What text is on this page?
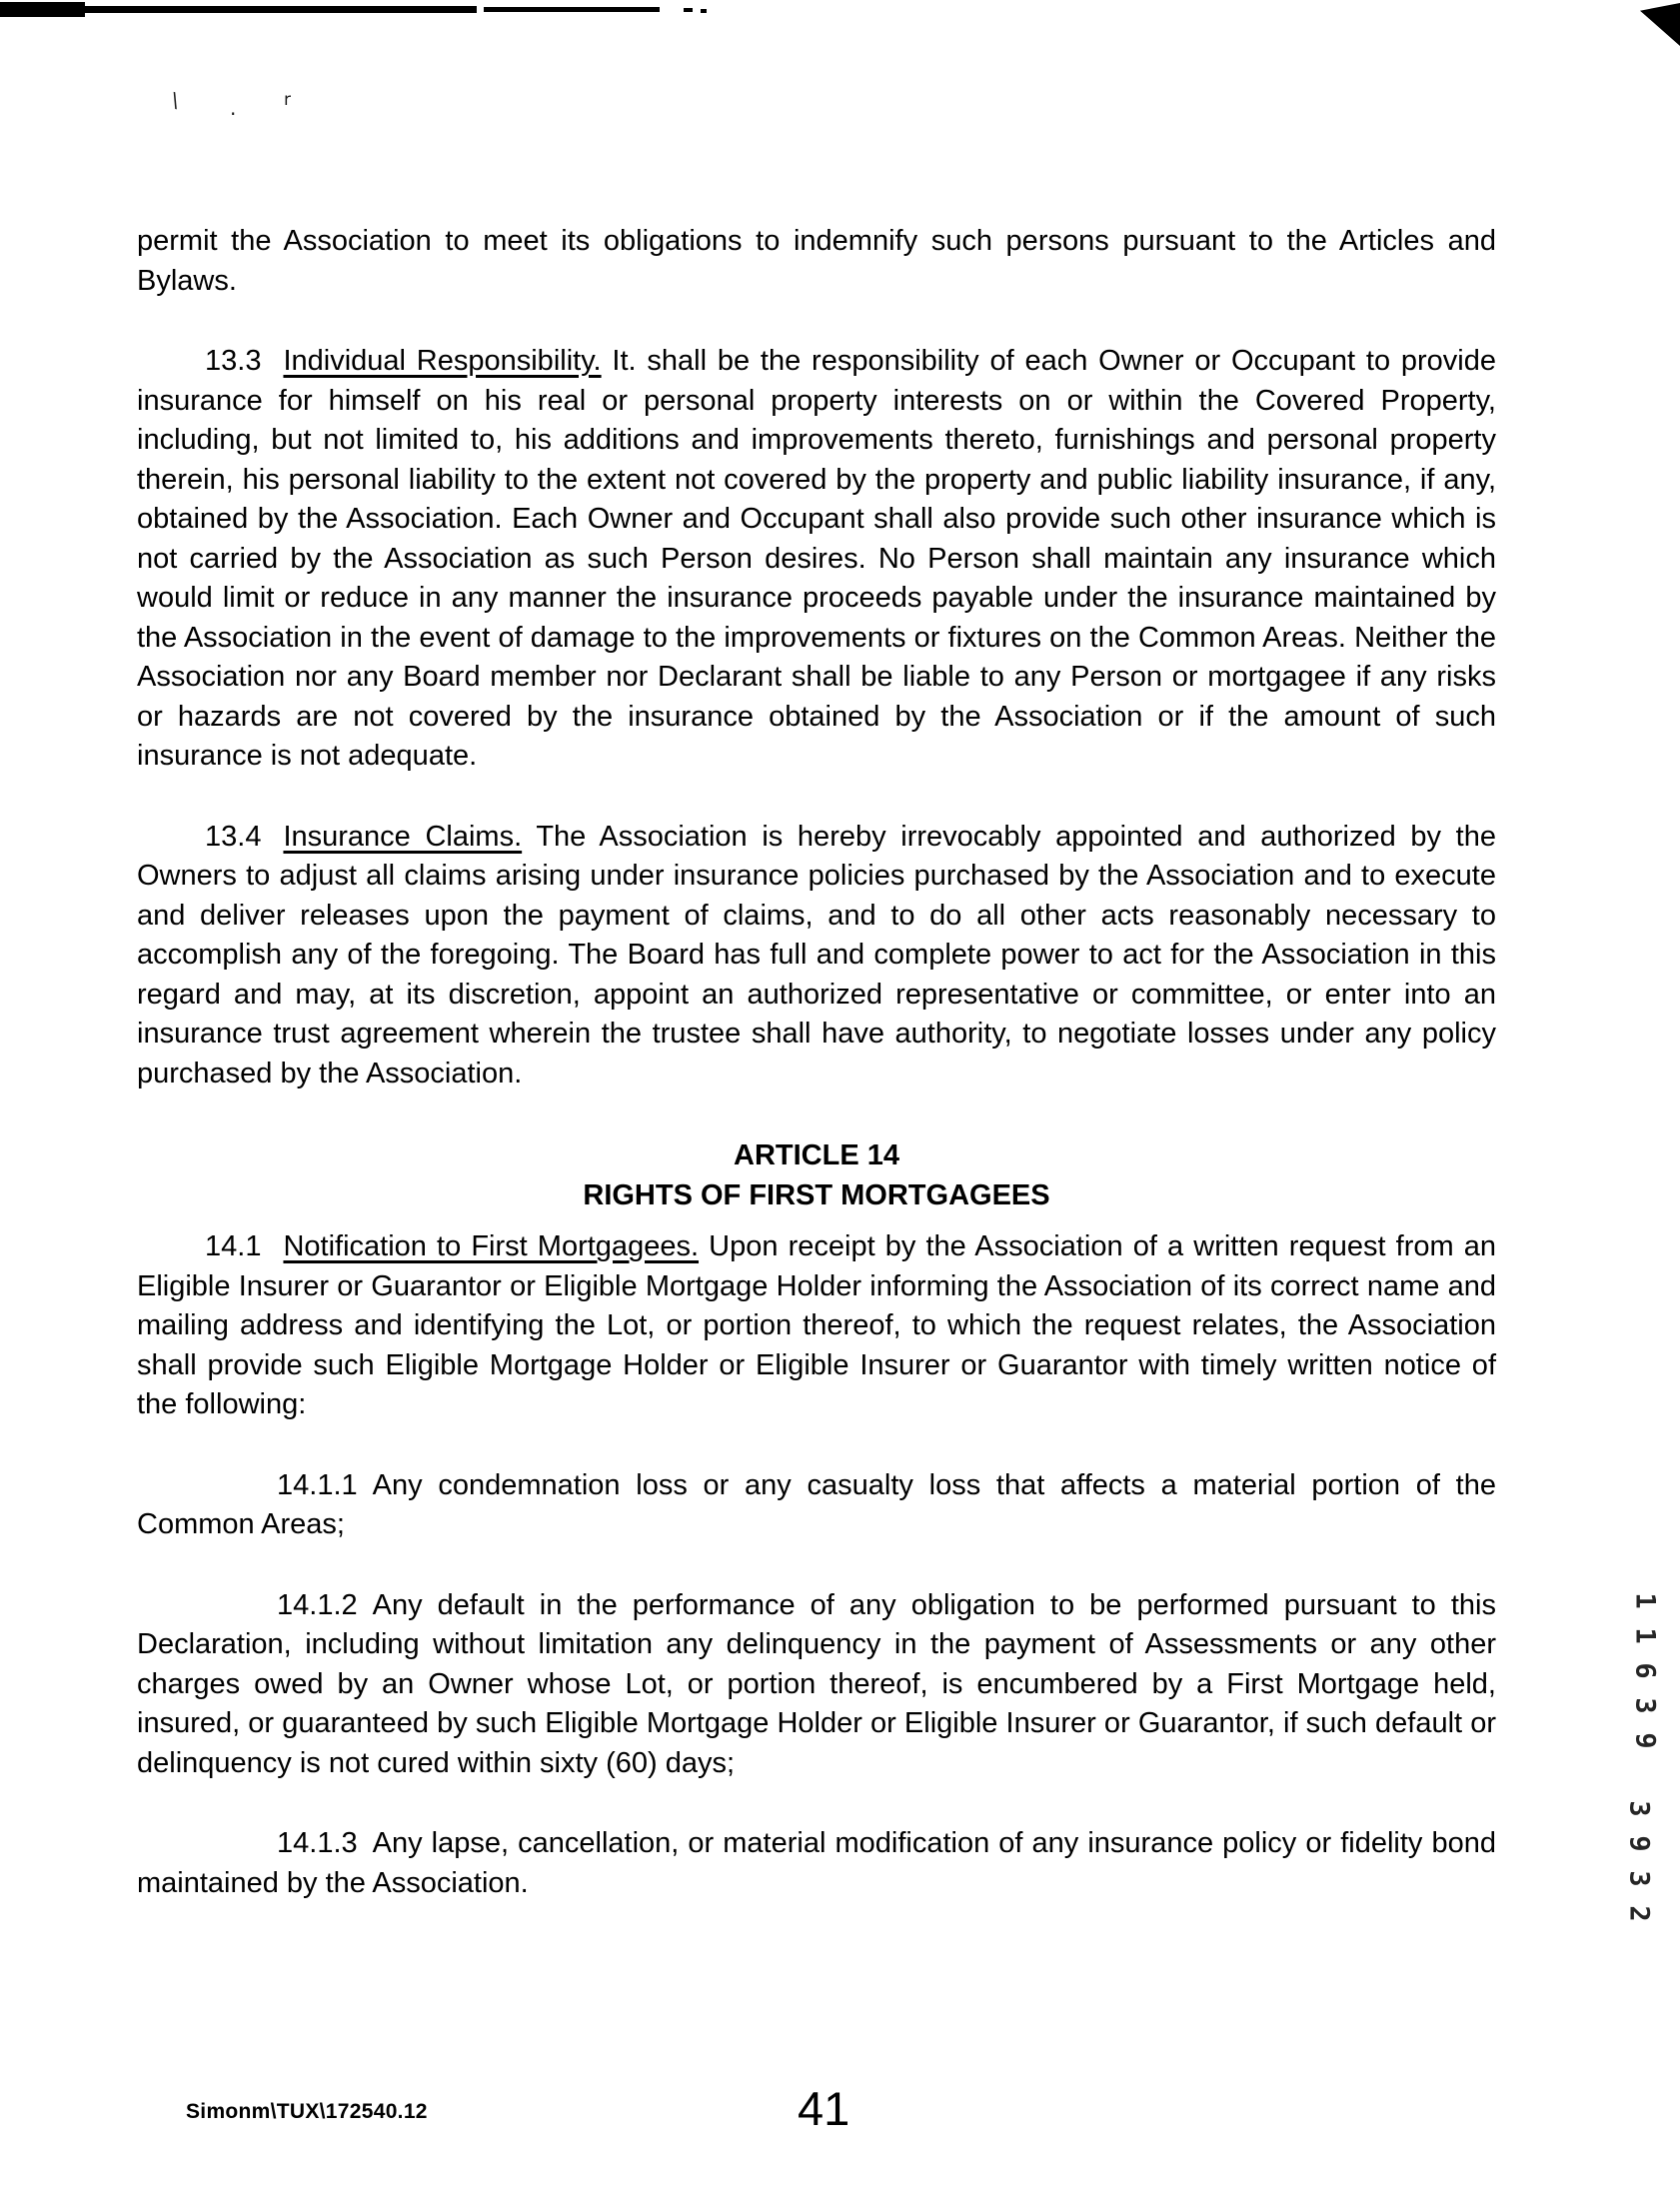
\ .	r

permit the Association to meet its obligations to indemnify such persons pursuant to the Articles and Bylaws.

13.3 Individual Responsibility. It. shall be the responsibility of each Owner or Occupant to provide insurance for himself on his real or personal property interests on or within the Covered Property, including, but not limited to, his additions and improvements thereto, furnishings and personal property therein, his personal liability to the extent not covered by the property and public liability insurance, if any, obtained by the Association. Each Owner and Occupant shall also provide such other insurance which is not carried by the Association as such Person desires. No Person shall maintain any insurance which would limit or reduce in any manner the insurance proceeds payable under the insurance maintained by the Association in the event of damage to the improvements or fixtures on the Common Areas. Neither the Association nor any Board member nor Declarant shall be liable to any Person or mortgagee if any risks or hazards are not covered by the insurance obtained by the Association or if the amount of such insurance is not adequate.

13.4 Insurance Claims. The Association is hereby irrevocably appointed and authorized by the Owners to adjust all claims arising under insurance policies purchased by the Association and to execute and deliver releases upon the payment of claims, and to do all other acts reasonably necessary to accomplish any of the foregoing. The Board has full and complete power to act for the Association in this regard and may, at its discretion, appoint an authorized representative or committee, or enter into an insurance trust agreement wherein the trustee shall have authority, to negotiate losses under any policy purchased by the Association.

ARTICLE 14
RIGHTS OF FIRST MORTGAGEES

14.1 Notification to First Mortgagees. Upon receipt by the Association of a written request from an Eligible Insurer or Guarantor or Eligible Mortgage Holder informing the Association of its correct name and mailing address and identifying the Lot, or portion thereof, to which the request relates, the Association shall provide such Eligible Mortgage Holder or Eligible Insurer or Guarantor with timely written notice of the following:

14.1.1 Any condemnation loss or any casualty loss that affects a material portion of the Common Areas;

14.1.2 Any default in the performance of any obligation to be performed pursuant to this Declaration, including without limitation any delinquency in the payment of Assessments or any other charges owed by an Owner whose Lot, or portion thereof, is encumbered by a First Mortgage held, insured, or guaranteed by such Eligible Mortgage Holder or Eligible Insurer or Guarantor, if such default or delinquency is not cured within sixty (60) days;

14.1.3 Any lapse, cancellation, or material modification of any insurance policy or fidelity bond maintained by the Association.

1
1
6
3
9
3
9
3
2
Simonm\TUX\172540.12	41
